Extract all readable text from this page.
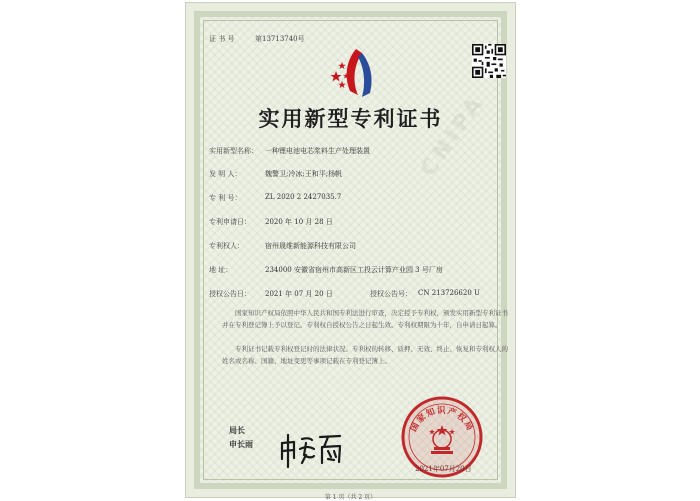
证 书 号	第13713740号
CNIPA
实用新型专利证书
实用新型名称： 一种锂电池电芯浆料生产处理装置
发 明 人：	魏警卫;冷冰;王和平;杨帆
专 利 号：	ZL 2020 2 2427035.7
专利申请日： 2020 年 10 月 28 日
专利权人：	宿州晟维新能源科技有限公司
地 址：	234000 安徽省宿州市高新区工投云计算产业园 3 号厂房
授权公告日： 2021 年 07 月 20 日	授权公告号： CN 213726620 U
国家知识产权局依照中华人民共和国专利法进行审查，决定授予专利权，颁发实用新型专利证书并在专利登记簿上予以登记。专利权自授权公告之日起生效。专利权期限为十年，自申请日起算。
专利证书记载专利权登记时的法律状况。专利权的转移、质押、无效、终止、恢复和专利权人的姓名或名称、国籍、地址变更等事项记载在专利登记簿上。
局长
申长雨
国家知识产权局
2021年07月20日
第 1 页（共 2 页）
